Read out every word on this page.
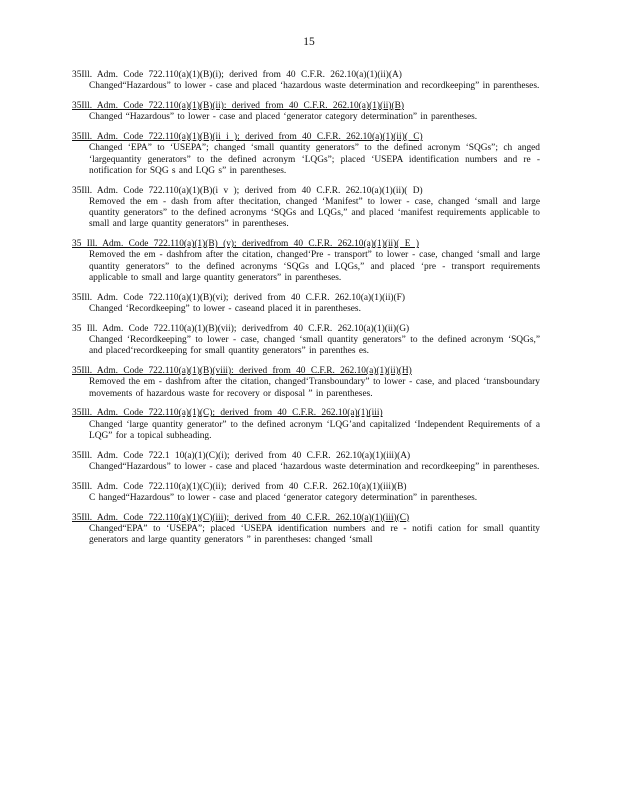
15
35Ill. Adm. Code 722.110(a)(1)(B)(i); derived from 40 C.F.R. 262.10(a)(1)(ii)(A)
Changed“Hazardous” to lower - case and placed ‘hazardous waste determination and recordkeeping” in parentheses.
35Ill. Adm. Code 722.110(a)(1)(B)(ii): derived from 40 C.F.R. 262.10(a)(1)(ii)(B)
Changed “Hazardous” to lower - case and placed ‘generator category determination” in parentheses.
35Ill. Adm. Code 722.110(a)(1)(B)(ii i ); derived from 40 C.F.R. 262.10(a)(1)(ii)( C)
Changed ‘EPA” to ‘USEPA”; changed ‘small quantity generators” to the defined acronym ‘SQGs”; ch anged ‘largequantity generators” to the defined acronym ‘LQGs”; placed ‘USEPA identification numbers and re - notification for SQG s and LQG s” in parentheses.
35Ill. Adm. Code 722.110(a)(1)(B)(i v ); derived from 40 C.F.R. 262.10(a)(1)(ii)( D)
Removed the em - dash from after thecitation, changed ‘Manifest” to lower - case, changed ‘small and large quantity generators” to the defined acronyms ‘SQGs and LQGs,” and placed ‘manifest requirements applicable to small and large quantity generators” in parentheses.
35 Ill. Adm. Code 722.110(a)(1)(B) (v); derivedfrom 40 C.F.R. 262.10(a)(1)(ii)( E )
Removed the em - dashfrom after the citation, changed‘Pre - transport” to lower - case, changed ‘small and large quantity generators” to the defined acronyms ‘SQGs and LQGs,” and placed ‘pre - transport requirements applicable to small and large quantity generators” in parentheses.
35Ill. Adm. Code 722.110(a)(1)(B)(vi); derived from 40 C.F.R. 262.10(a)(1)(ii)(F)
Changed ‘Recordkeeping” to lower - caseand placed it in parentheses.
35 Ill. Adm. Code 722.110(a)(1)(B)(vii); derivedfrom 40 C.F.R. 262.10(a)(1)(ii)(G)
Changed ‘Recordkeeping” to lower - case, changed ‘small quantity generators” to the defined acronym ‘SQGs,” and placed‘recordkeeping for small quantity generators” in parenthes es.
35Ill. Adm. Code 722.110(a)(1)(B)(viii): derived from 40 C.F.R. 262.10(a)(1)(ii)(H)
Removed the em - dashfrom after the citation, changed‘Transboundary” to lower - case, and placed ‘transboundary movements of hazardous waste for recovery or disposal ” in parentheses.
35Ill. Adm. Code 722.110(a)(1)(C); derived from 40 C.F.R. 262.10(a)(1)(iii)
Changed ‘large quantity generator” to the defined acronym ‘LQG’and capitalized ‘Independent Requirements of a LQG” for a topical subheading.
35Ill. Adm. Code 722.1 10(a)(1)(C)(i); derived from 40 C.F.R. 262.10(a)(1)(iii)(A)
Changed“Hazardous” to lower - case and placed ‘hazardous waste determination and recordkeeping” in parentheses.
35Ill. Adm. Code 722.110(a)(1)(C)(ii); derived from 40 C.F.R. 262.10(a)(1)(iii)(B)
C hanged“Hazardous” to lower - case and placed ‘generator category determination” in parentheses.
35Ill. Adm. Code 722.110(a)(1)(C)(iii); derived from 40 C.F.R. 262.10(a)(1)(iii)(C)
Changed“EPA” to ‘USEPA”; placed ‘USEPA identification numbers and re - notifi cation for small quantity generators and large quantity generators ” in parentheses: changed ‘small
